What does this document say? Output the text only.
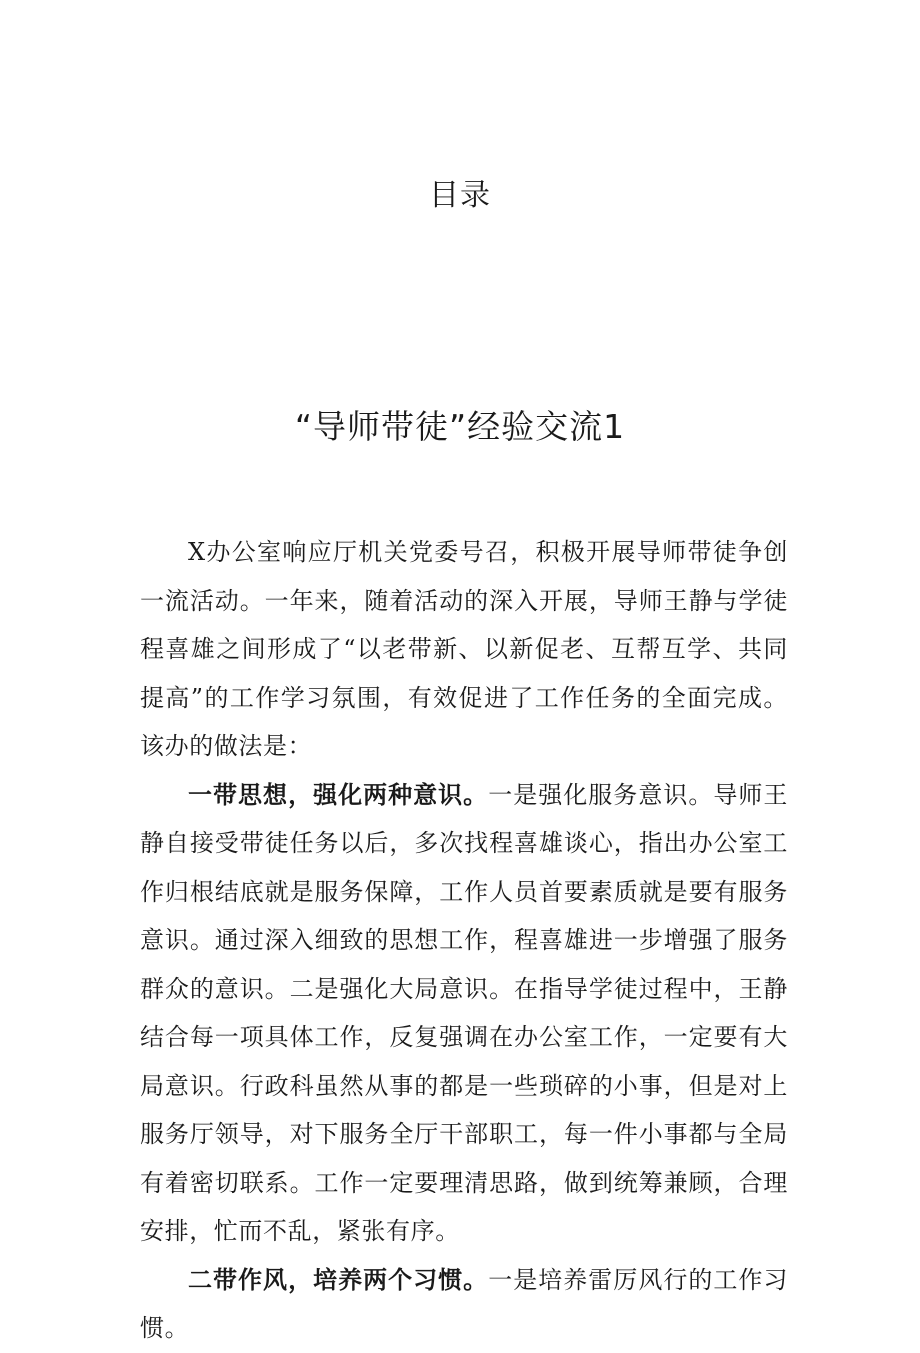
目录
“导师带徒”经验交流1

X办公室响应厅机关党委号召，积极开展导师带徒争创一流活动。一年来，随着活动的深入开展，导师王静与学徒程喜雄之间形成了“以老带新、以新促老、互帮互学、共同提高”的工作学习氛围，有效促进了工作任务的全面完成。该办的做法是：

一带思想，强化两种意识。一是强化服务意识。导师王静自接受带徒任务以后，多次找程喜雄谈心，指出办公室工作归根结底就是服务保障，工作人员首要素质就是要有服务意识。通过深入细致的思想工作，程喜雄进一步增强了服务群众的意识。二是强化大局意识。在指导学徒过程中，王静结合每一项具体工作，反复强调在办公室工作，一定要有大局意识。行政科虽然从事的都是一些琐碎的小事，但是对上服务厅领导，对下服务全厅干部职工，每一件小事都与全局有着密切联系。工作一定要理清思路，做到统筹兼顾，合理安排，忙而不乱，紧张有序。

二带作风，培养两个习惯。一是培养雷厉风行的工作习惯。
